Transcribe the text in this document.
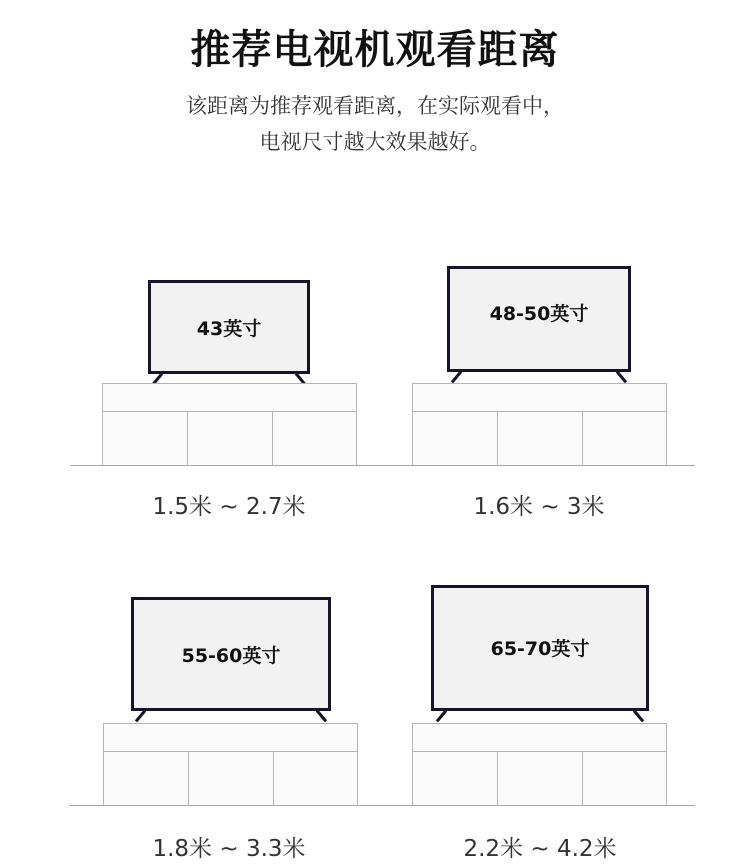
推荐电视机观看距离
该距离为推荐观看距离，在实际观看中，
电视尺寸越大效果越好。
43英寸
1.5米 ~ 2.7米
48-50英寸
1.6米 ~ 3米
55-60英寸
1.8米 ~ 3.3米
65-70英寸
2.2米 ~ 4.2米
